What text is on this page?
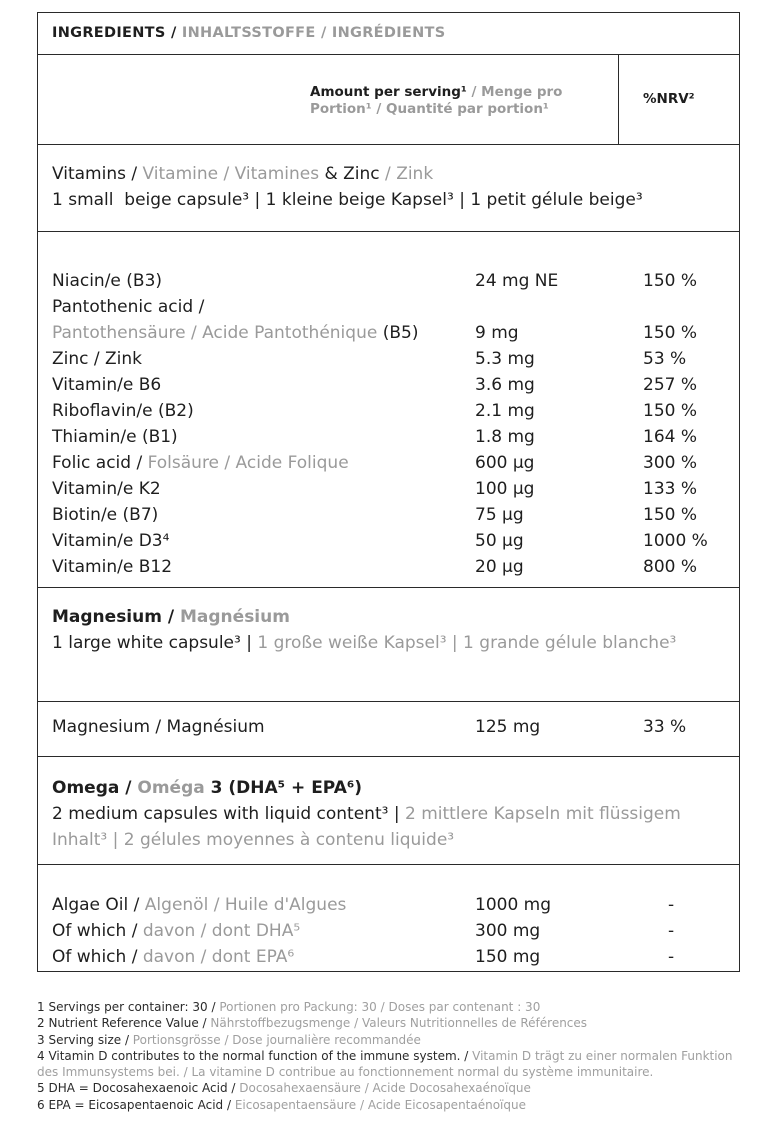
INGREDIENTS / INHALTSSTOFFE / INGRÉDIENTS
Amount per serving¹ / Menge pro Portion¹ / Quantité par portion¹
%NRV²
Vitamins / Vitamine / Vitamines & Zinc / Zink
1 small  beige capsule³ | 1 kleine beige Kapsel³ | 1 petit gélule beige³
Niacin/e (B3)	24 mg NE	150 %
Pantothenic acid /
Pantothensäure / Acide Pantothénique (B5)	9 mg	150 %
Zinc / Zink	5.3 mg	53 %
Vitamin/e B6	3.6 mg	257 %
Riboflavin/e (B2)	2.1 mg	150 %
Thiamin/e (B1)	1.8 mg	164 %
Folic acid / Folsäure / Acide Folique	600 µg	300 %
Vitamin/e K2	100 µg	133 %
Biotin/e (B7)	75 µg	150 %
Vitamin/e D3⁴	50 µg	1000 %
Vitamin/e B12	20 µg	800 %
Magnesium / Magnésium
1 large white capsule³ | 1 große weiße Kapsel³ | 1 grande gélule blanche³
Magnesium / Magnésium	125 mg	33 %
Omega / Oméga 3 (DHA⁵ + EPA⁶)
2 medium capsules with liquid content³ | 2 mittlere Kapseln mit flüssigem Inhalt³ | 2 gélules moyennes à contenu liquide³
Algae Oil / Algenöl / Huile d'Algues	1000 mg	-
Of which / davon / dont DHA⁵	300 mg	-
Of which / davon / dont EPA⁶	150 mg	-
1 Servings per container: 30 / Portionen pro Packung: 30 / Doses par contenant : 30
2 Nutrient Reference Value / Nährstoffbezugsmenge / Valeurs Nutritionnelles de Références
3 Serving size / Portionsgrösse / Dose journalière recommandée
4 Vitamin D contributes to the normal function of the immune system. / Vitamin D trägt zu einer normalen Funktion des Immunsystems bei. / La vitamine D contribue au fonctionnement normal du système immunitaire.
5 DHA = Docosahexaenoic Acid / Docosahexaensäure / Acide Docosahexaénoïque
6 EPA = Eicosapentaenoic Acid / Eicosapentaensäure / Acide Eicosapentaénoïque
